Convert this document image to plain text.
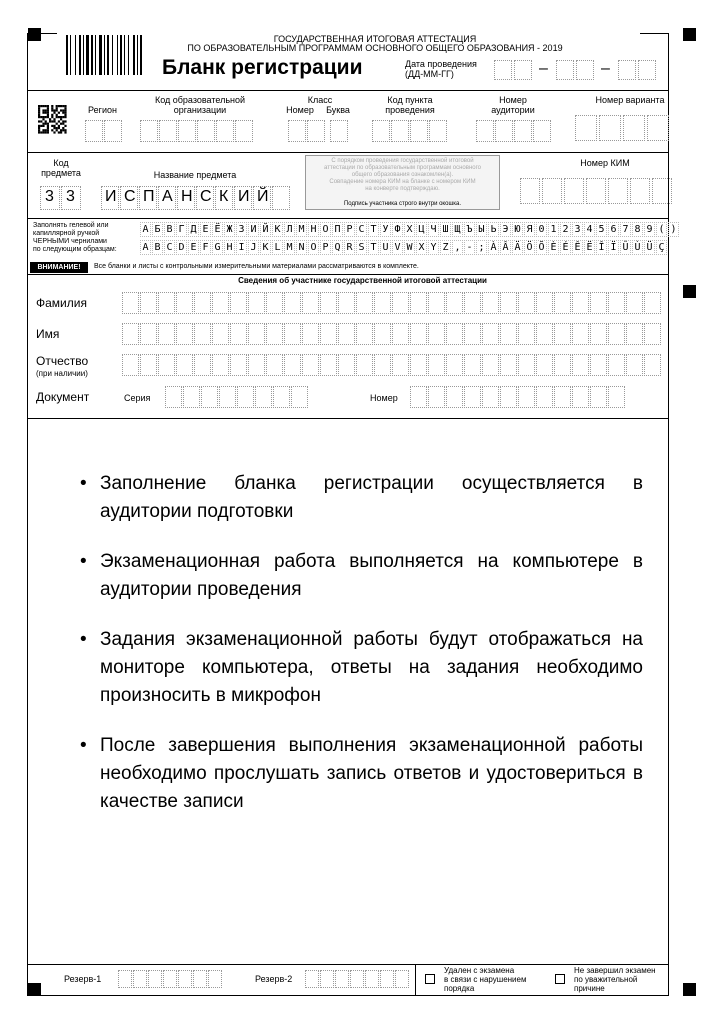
ГОСУДАРСТВЕННАЯ ИТОГОВАЯ АТТЕСТАЦИЯ
ПО ОБРАЗОВАТЕЛЬНЫМ ПРОГРАММАМ ОСНОВНОГО ОБЩЕГО ОБРАЗОВАНИЯ - 2019
Бланк регистрации	Дата проведения
(ДД-ММ-ГГ)	–	–
Регион
Код образовательной
организации
Класс
Номер	Буква
Код пункта
проведения
Номер
аудитории
Номер варианта
Код
предмета
3 3
Название предмета
И С П А Н С К И Й
С порядком проведения государственной итоговой
аттестации по образовательным программам основного
общего образования ознакомлен(а).
Совпадение номера КИМ на бланке с номером КИМ
на конверте подтверждаю.
Подпись участника строго внутри окошка.
Номер КИМ
Заполнять гелевой или
капиллярной ручкой
ЧЕРНЫМИ чернилами
по следующим образцам:
А Б В Г Д Е Ё Ж З И Й К Л М Н О П Р С Т У Ф Х Ц Ч Ш Щ Ъ Ы Ь Э Ю Я 0 1 2 3 4 5 6 7 8 9 ( )
A B C D E F G H I J K L M N O P Q R S T U V W X Y Z , - ; À Â Ä Ö Õ È É Ê Ë Î Ï Û Ù Ü Ç
ВНИМАНИЕ!	Все бланки и листы с контрольными измерительными материалами рассматриваются в комплекте.
Сведения об участнике государственной итоговой аттестации
Фамилия
Имя
Отчество
(при наличии)
Документ	Серия	Номер
• Заполнение бланка регистрации осуществляется в аудитории подготовки
• Экзаменационная работа выполняется на компьютере в аудитории проведения
• Задания экзаменационной работы будут отображаться на мониторе компьютера, ответы на задания необходимо произносить в микрофон
• После завершения выполнения экзаменационной работы необходимо прослушать запись ответов и удостовериться в качестве записи
Резерв-1	Резерв-2
Удален с экзамена
в связи с нарушением
порядка
Не завершил экзамен
по уважительной
причине
